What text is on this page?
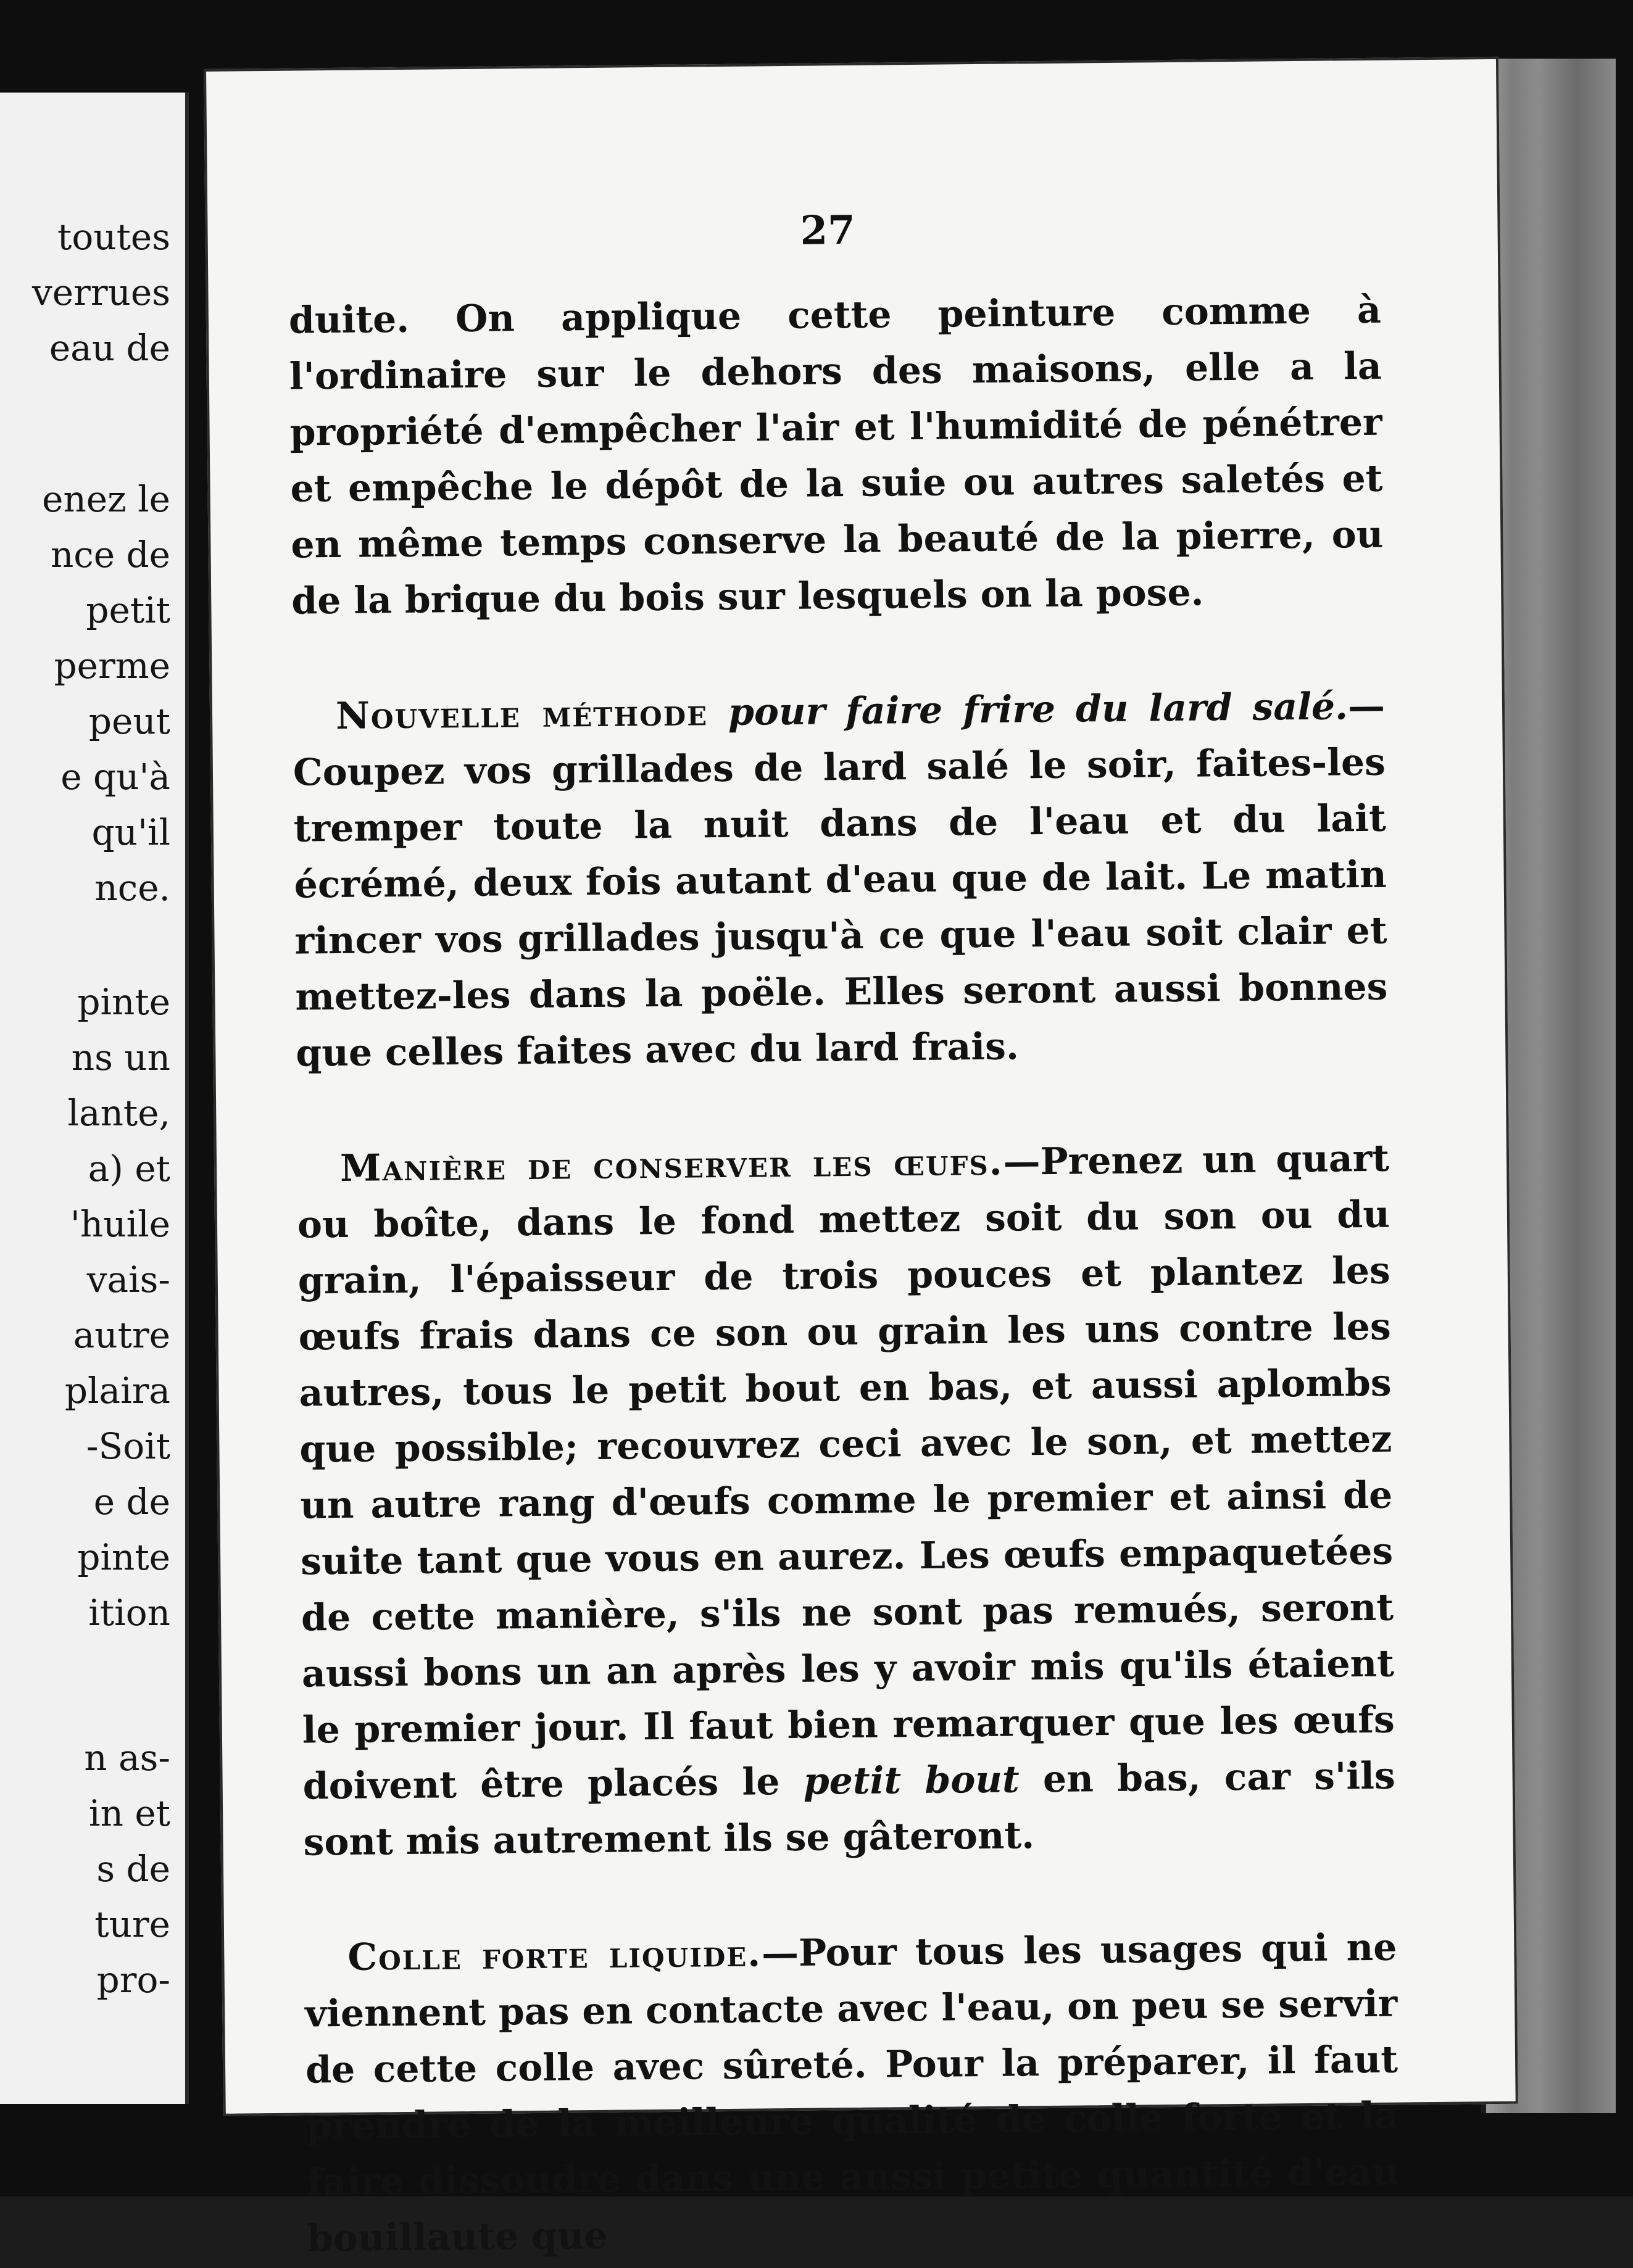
toutes
verrues
eau de
enez le
nce de
petit
perme
peut
e qu'à
qu'il
nce.
pinte
ns un
lante,
a) et
'huile
vais-
autre
plaira
-Soit
e de
pinte
ition
n as-
in et
s de
ture
pro-
27

duite. On applique cette peinture comme à l'ordinaire sur le dehors des maisons, elle a la propriété d'empêcher l'air et l'humidité de pénétrer et empêche le dépôt de la suie ou autres saletés et en même temps conserve la beauté de la pierre, ou de la brique du bois sur lesquels on la pose.

Nouvelle méthode pour faire frire du lard salé.—Coupez vos grillades de lard salé le soir, faites-les tremper toute la nuit dans de l'eau et du lait écrémé, deux fois autant d'eau que de lait. Le matin rincer vos grillades jusqu'à ce que l'eau soit clair et mettez-les dans la poële. Elles seront aussi bonnes que celles faites avec du lard frais.

Manière de conserver les œufs.—Prenez un quart ou boîte, dans le fond mettez soit du son ou du grain, l'épaisseur de trois pouces et plantez les œufs frais dans ce son ou grain les uns contre les autres, tous le petit bout en bas, et aussi aplombs que possible; recouvrez ceci avec le son, et mettez un autre rang d'œufs comme le premier et ainsi de suite tant que vous en aurez. Les œufs empaquetées de cette manière, s'ils ne sont pas remués, seront aussi bons un an après les y avoir mis qu'ils étaient le premier jour. Il faut bien remarquer que les œufs doivent être placés le petit bout en bas, car s'ils sont mis autrement ils se gâteront.

Colle forte liquide.—Pour tous les usages qui ne viennent pas en contacte avec l'eau, on peu se servir de cette colle avec sûreté. Pour la préparer, il faut prendre de la meilleure qualité de colle forte et la faire dissoudre dans une aussi petite quantité d'eau bouillaute que
